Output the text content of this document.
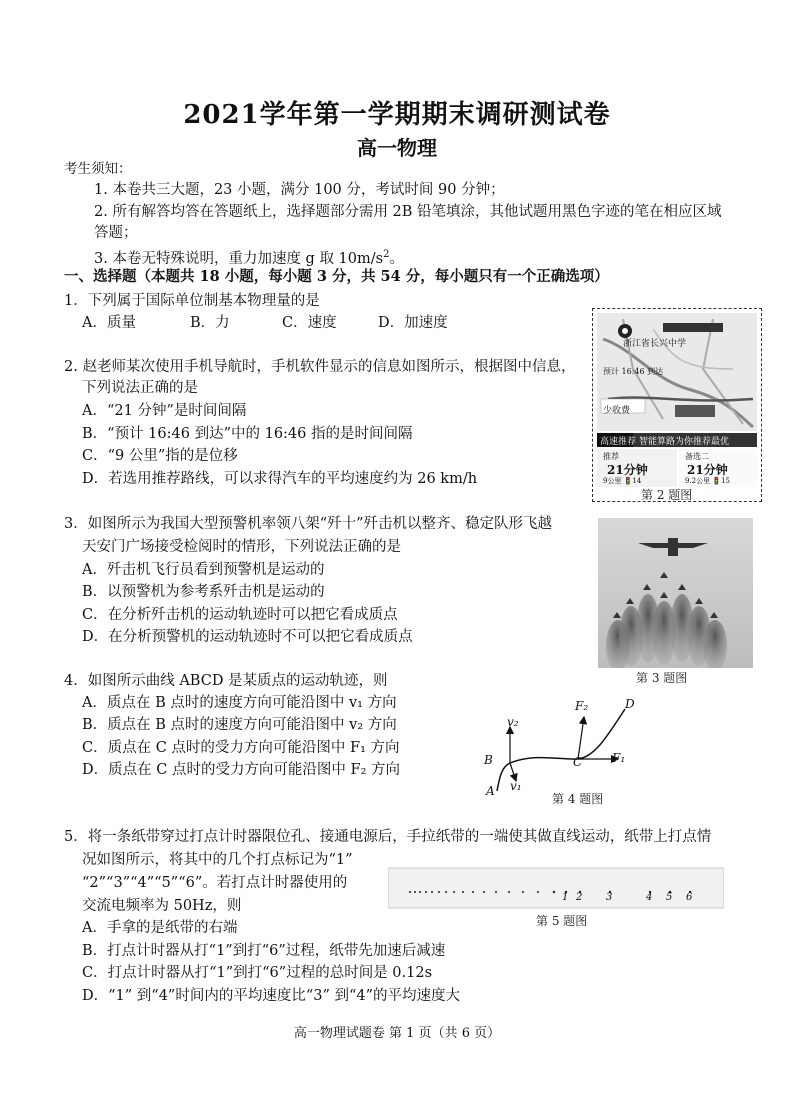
2021学年第一学期期末调研测试卷
高一物理
考生须知：
1. 本卷共三大题，23 小题，满分 100 分，考试时间 90 分钟；
2. 所有解答均答在答题纸上，选择题部分需用 2B 铅笔填涂，其他试题用黑色字迹的笔在相应区域
答题；
3. 本卷无特殊说明，重力加速度 g 取 $10m/s^2$。
一、选择题（本题共 18 小题，每小题 3 分，共 54 分，每小题只有一个正确选项）
1．下列属于国际单位制基本物理量的是
A．质量	B．力	C．速度	D．加速度
2. 赵老师某次使用手机导航时，手机软件显示的信息如图所示，根据图中信息，
下列说法正确的是
A．“21 分钟”是时间间隔
B．“预计 16:46 到达”中的 16:46 指的是时间间隔
C．“9 公里”指的是位移
D．若选用推荐路线，可以求得汽车的平均速度约为 26 km/h
浙江省长兴中学
预计 16:46 到达
少收费
高速推荐 智能算路为你推荐最优
推荐
21分钟
9公里 🚦14
备选二
21分钟
9.2公里 🚦15
第 2 题图
3．如图所示为我国大型预警机率领八架“歼十”歼击机以整齐、稳定队形飞越
天安门广场接受检阅时的情形，下列说法正确的是
A．歼击机飞行员看到预警机是运动的
B．以预警机为参考系歼击机是运动的
C．在分析歼击机的运动轨迹时可以把它看成质点
D．在分析预警机的运动轨迹时不可以把它看成质点
第 3 题图
4．如图所示曲线 ABCD 是某质点的运动轨迹，则
A．质点在 B 点时的速度方向可能沿图中 v₁ 方向
B．质点在 B 点时的速度方向可能沿图中 v₂ 方向
C．质点在 C 点时的受力方向可能沿图中 F₁ 方向
D．质点在 C 点时的受力方向可能沿图中 F₂ 方向
A
B	C
D
v₂
v₁
F₁
F₂
第 4 题图
5．将一条纸带穿过打点计时器限位孔、接通电源后，手拉纸带的一端使其做直线运动，纸带上打点情
况如图所示，将其中的几个打点标记为“1”
“2”“3”“4”“5”“6”。若打点计时器使用的
交流电频率为 50Hz，则
A．手拿的是纸带的右端
B．打点计时器从打“1”到打“6”过程，纸带先加速后减速
C．打点计时器从打“1”到打“6”过程的总时间是 0.12s
D．“1” 到“4”时间内的平均速度比“3” 到“4”的平均速度大
1 2 3	4 5 6
第 5 题图
高一物理试题卷 第 1 页（共 6 页）
